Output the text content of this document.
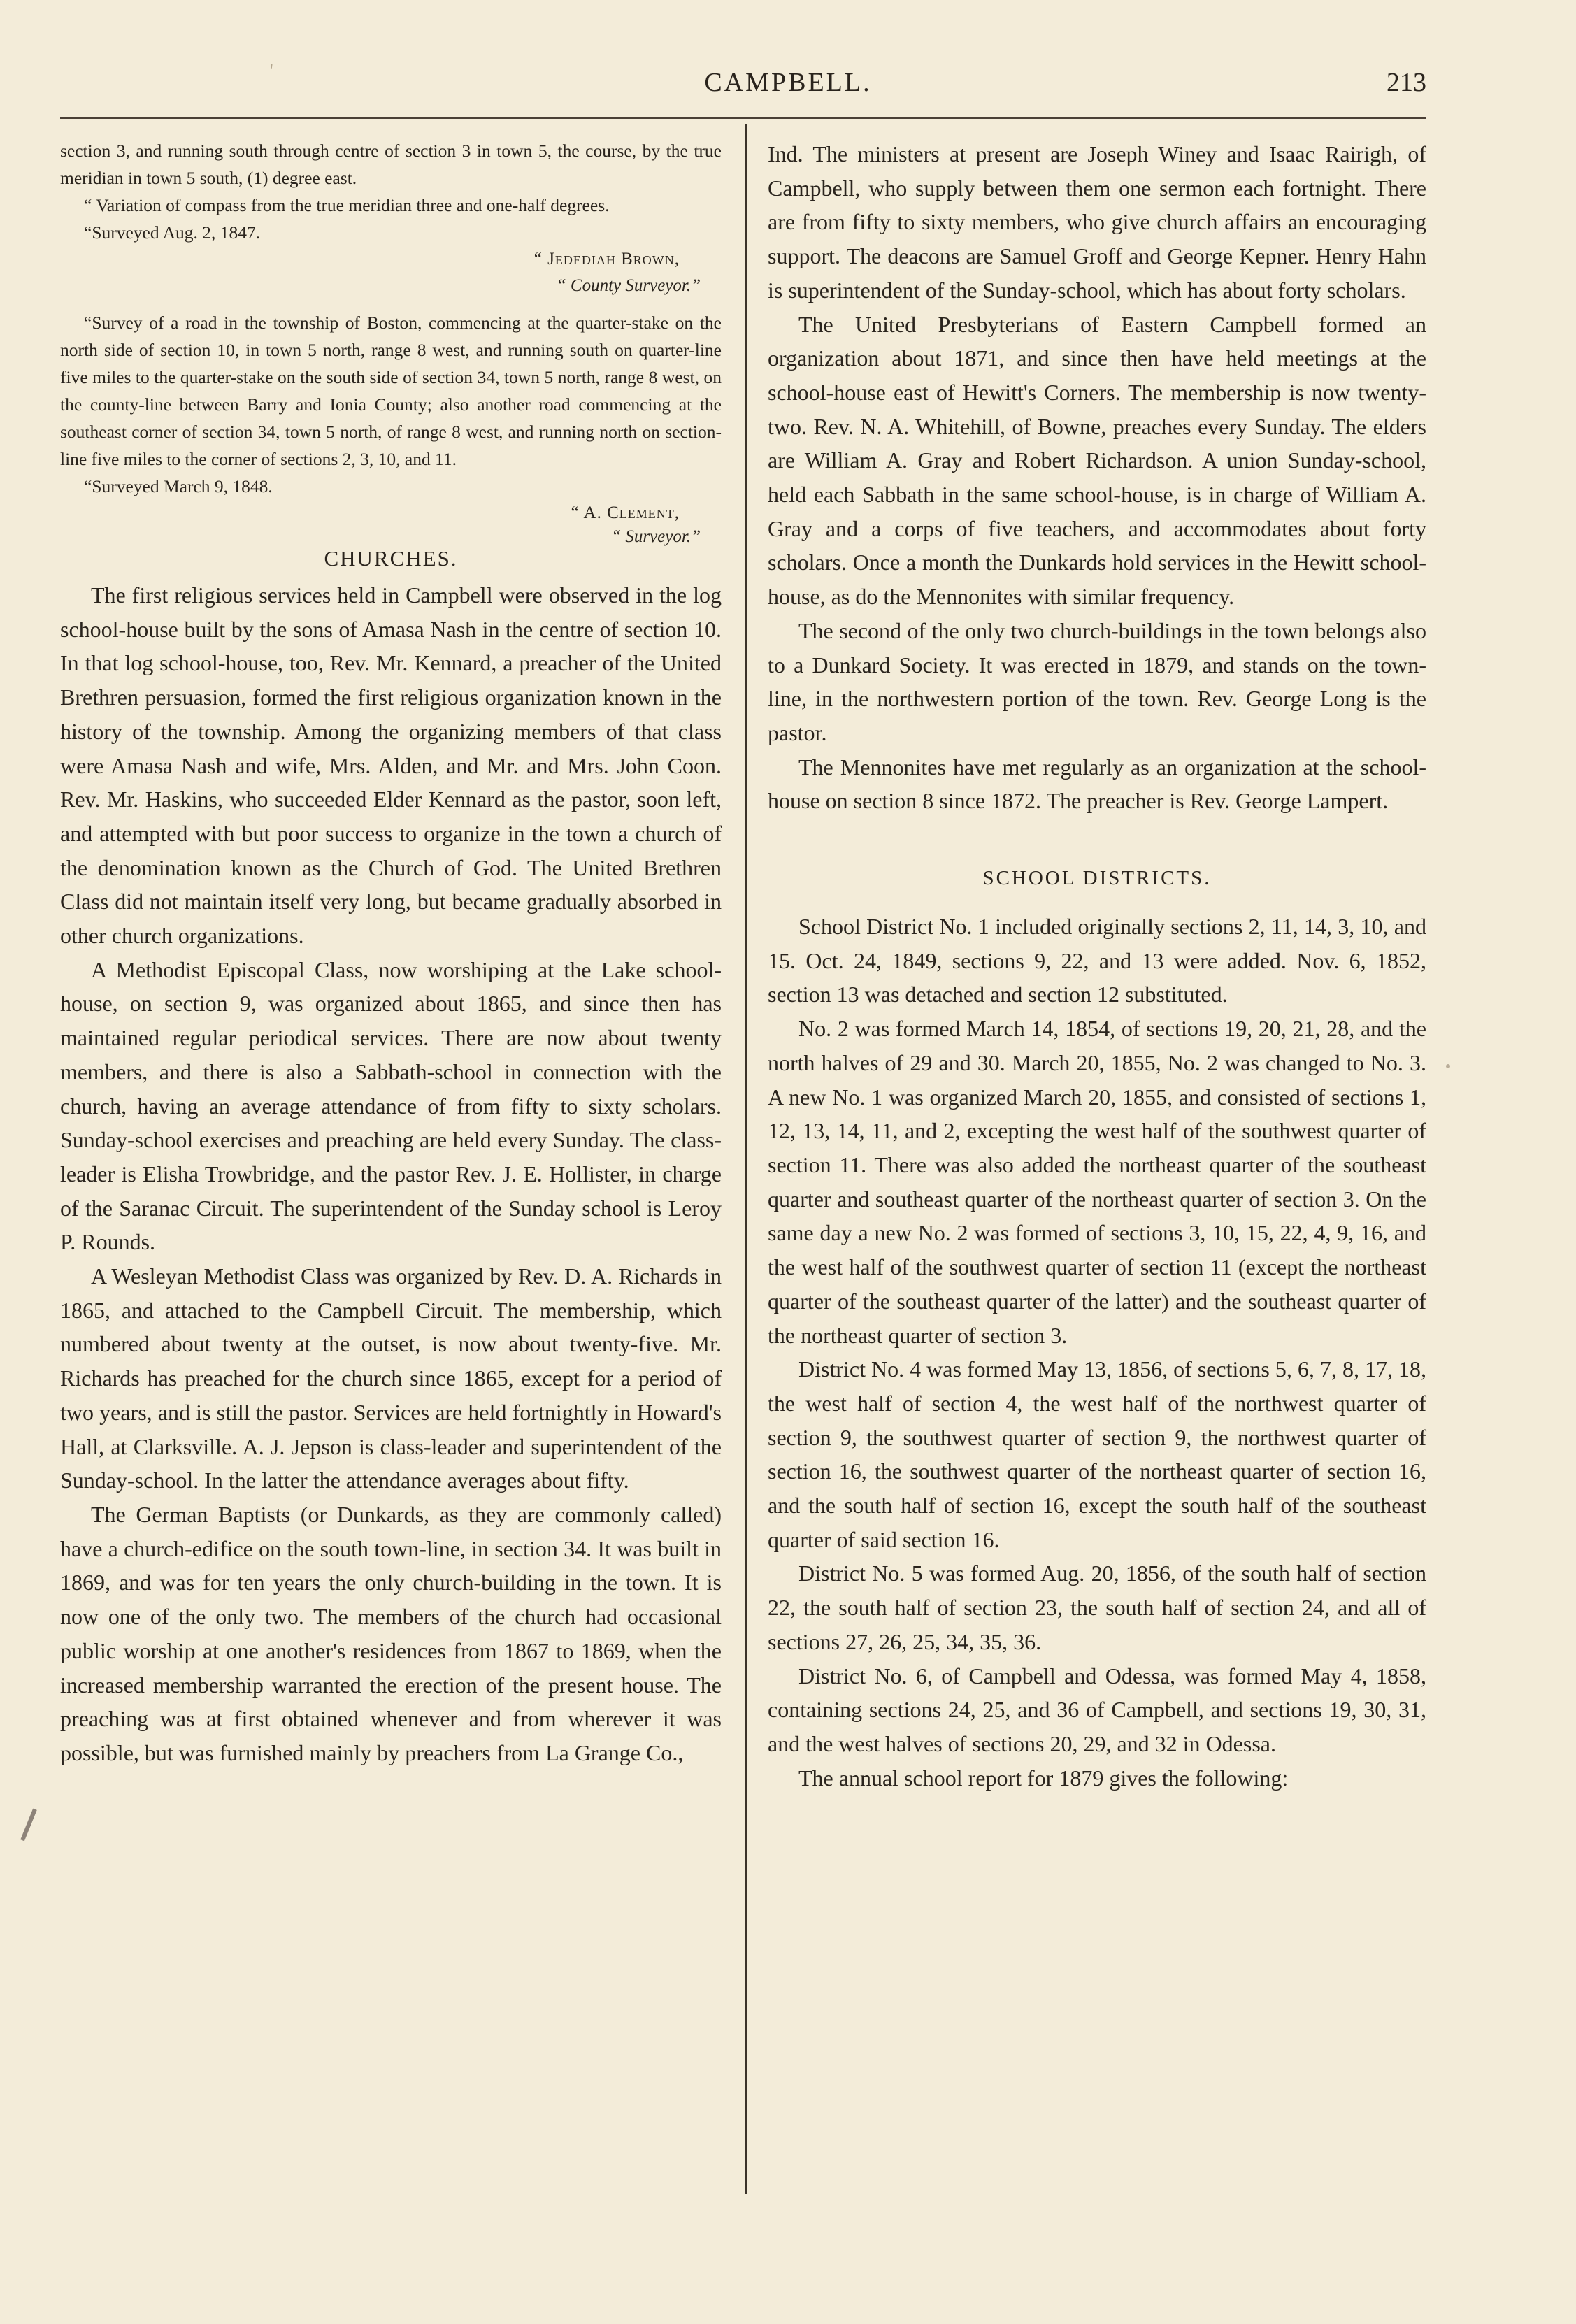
'	CAMPBELL.	213

section 3, and running south through centre of section 3 in town 5, the course, by the true meridian in town 5 south, (1) degree east.

“ Variation of compass from the true meridian three and one-half degrees.

“Surveyed Aug. 2, 1847.

“ Jedediah Brown,

“ County Surveyor.”

“Survey of a road in the township of Boston, commencing at the quarter-stake on the north side of section 10, in town 5 north, range 8 west, and running south on quarter-line five miles to the quarter-stake on the south side of section 34, town 5 north, range 8 west, on the county-line between Barry and Ionia County; also another road commencing at the southeast corner of section 34, town 5 north, of range 8 west, and running north on section-line five miles to the corner of sections 2, 3, 10, and 11.

“Surveyed March 9, 1848.

“ A. Clement,

“ Surveyor.”

CHURCHES.

The first religious services held in Campbell were observed in the log school-house built by the sons of Amasa Nash in the centre of section 10. In that log school-house, too, Rev. Mr. Kennard, a preacher of the United Brethren persuasion, formed the first religious organization known in the history of the township. Among the organizing members of that class were Amasa Nash and wife, Mrs. Alden, and Mr. and Mrs. John Coon. Rev. Mr. Haskins, who succeeded Elder Kennard as the pastor, soon left, and attempted with but poor success to organize in the town a church of the denomination known as the Church of God. The United Brethren Class did not maintain itself very long, but became gradually absorbed in other church organizations.

A Methodist Episcopal Class, now worshiping at the Lake school-house, on section 9, was organized about 1865, and since then has maintained regular periodical services. There are now about twenty members, and there is also a Sabbath-school in connection with the church, having an average attendance of from fifty to sixty scholars. Sunday-school exercises and preaching are held every Sunday. The class-leader is Elisha Trowbridge, and the pastor Rev. J. E. Hollister, in charge of the Saranac Circuit. The superintendent of the Sunday school is Leroy P. Rounds.

A Wesleyan Methodist Class was organized by Rev. D. A. Richards in 1865, and attached to the Campbell Circuit. The membership, which numbered about twenty at the outset, is now about twenty-five. Mr. Richards has preached for the church since 1865, except for a period of two years, and is still the pastor. Services are held fortnightly in Howard's Hall, at Clarksville. A. J. Jepson is class-leader and superintendent of the Sunday-school. In the latter the attendance averages about fifty.

The German Baptists (or Dunkards, as they are commonly called) have a church-edifice on the south town-line, in section 34. It was built in 1869, and was for ten years the only church-building in the town. It is now one of the only two. The members of the church had occasional public worship at one another's residences from 1867 to 1869, when the increased membership warranted the erection of the present house. The preaching was at first obtained whenever and from wherever it was possible, but was furnished mainly by preachers from La Grange Co.,

Ind. The ministers at present are Joseph Winey and Isaac Rairigh, of Campbell, who supply between them one sermon each fortnight. There are from fifty to sixty members, who give church affairs an encouraging support. The deacons are Samuel Groff and George Kepner. Henry Hahn is superintendent of the Sunday-school, which has about forty scholars.

The United Presbyterians of Eastern Campbell formed an organization about 1871, and since then have held meetings at the school-house east of Hewitt's Corners. The membership is now twenty-two. Rev. N. A. Whitehill, of Bowne, preaches every Sunday. The elders are William A. Gray and Robert Richardson. A union Sunday-school, held each Sabbath in the same school-house, is in charge of William A. Gray and a corps of five teachers, and accommodates about forty scholars. Once a month the Dunkards hold services in the Hewitt school-house, as do the Mennonites with similar frequency.

The second of the only two church-buildings in the town belongs also to a Dunkard Society. It was erected in 1879, and stands on the town-line, in the northwestern portion of the town. Rev. George Long is the pastor.

The Mennonites have met regularly as an organization at the school-house on section 8 since 1872. The preacher is Rev. George Lampert.

SCHOOL DISTRICTS.

School District No. 1 included originally sections 2, 11, 14, 3, 10, and 15. Oct. 24, 1849, sections 9, 22, and 13 were added. Nov. 6, 1852, section 13 was detached and section 12 substituted.

No. 2 was formed March 14, 1854, of sections 19, 20, 21, 28, and the north halves of 29 and 30. March 20, 1855, No. 2 was changed to No. 3. A new No. 1 was organized March 20, 1855, and consisted of sections 1, 12, 13, 14, 11, and 2, excepting the west half of the southwest quarter of section 11. There was also added the northeast quarter of the southeast quarter and southeast quarter of the northeast quarter of section 3. On the same day a new No. 2 was formed of sections 3, 10, 15, 22, 4, 9, 16, and the west half of the southwest quarter of section 11 (except the northeast quarter of the southeast quarter of the latter) and the southeast quarter of the northeast quarter of section 3.

District No. 4 was formed May 13, 1856, of sections 5, 6, 7, 8, 17, 18, the west half of section 4, the west half of the northwest quarter of section 9, the southwest quarter of section 9, the northwest quarter of section 16, the southwest quarter of the northeast quarter of section 16, and the south half of section 16, except the south half of the southeast quarter of said section 16.

District No. 5 was formed Aug. 20, 1856, of the south half of section 22, the south half of section 23, the south half of section 24, and all of sections 27, 26, 25, 34, 35, 36.

District No. 6, of Campbell and Odessa, was formed May 4, 1858, containing sections 24, 25, and 36 of Campbell, and sections 19, 30, 31, and the west halves of sections 20, 29, and 32 in Odessa.

The annual school report for 1879 gives the following:
